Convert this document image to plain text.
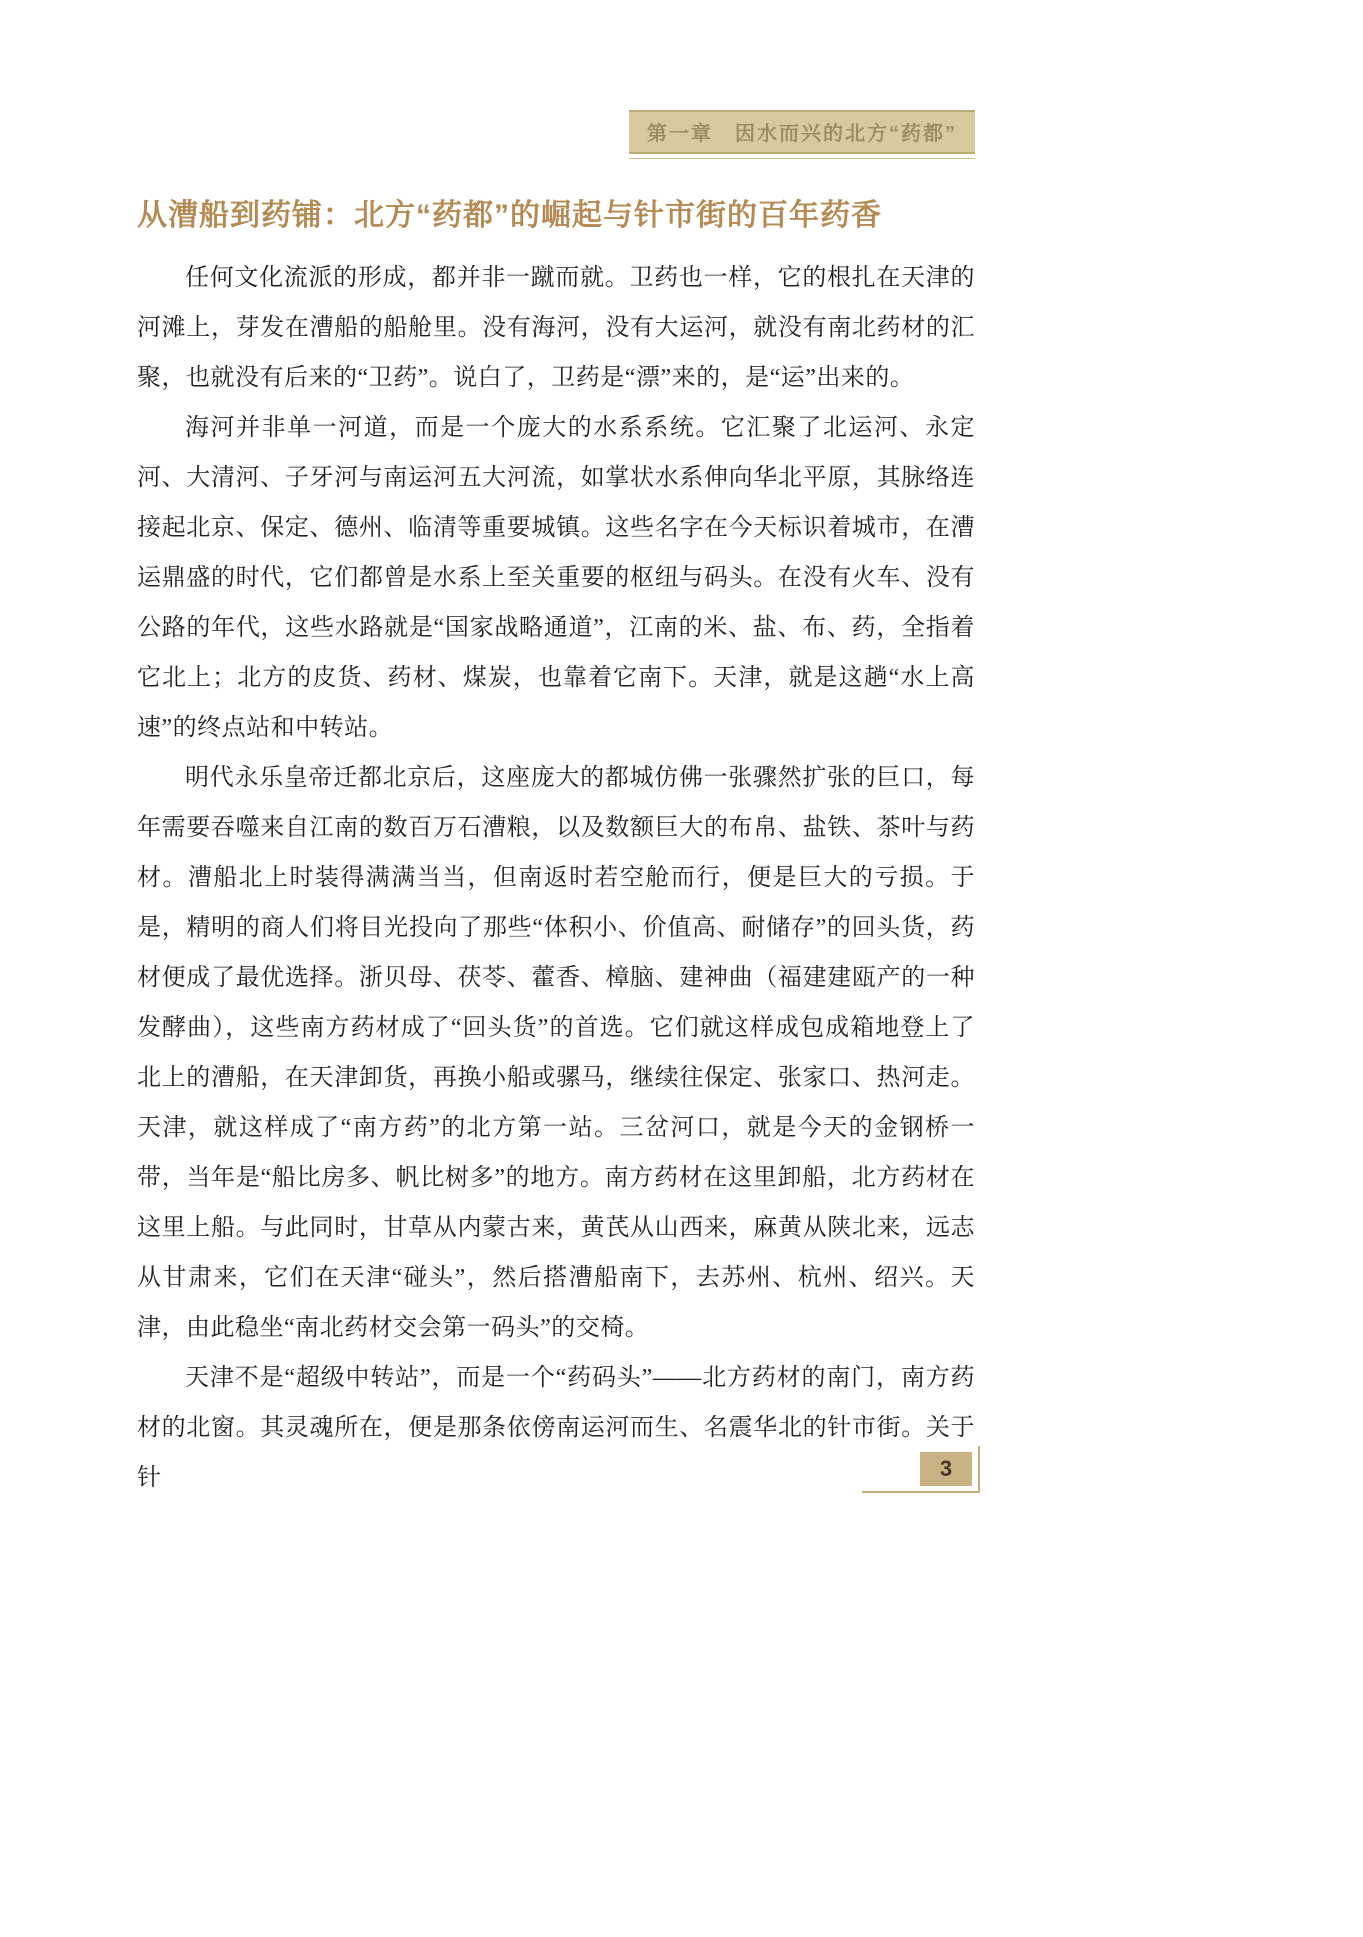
第一章　因水而兴的北方“药都”
从漕船到药铺：北方“药都”的崛起与针市街的百年药香

任何文化流派的形成，都并非一蹴而就。卫药也一样，它的根扎在天津的河滩上，芽发在漕船的船舱里。没有海河，没有大运河，就没有南北药材的汇聚，也就没有后来的“卫药”。说白了，卫药是“漂”来的，是“运”出来的。

海河并非单一河道，而是一个庞大的水系系统。它汇聚了北运河、永定河、大清河、子牙河与南运河五大河流，如掌状水系伸向华北平原，其脉络连接起北京、保定、德州、临清等重要城镇。这些名字在今天标识着城市，在漕运鼎盛的时代，它们都曾是水系上至关重要的枢纽与码头。在没有火车、没有公路的年代，这些水路就是“国家战略通道”，江南的米、盐、布、药，全指着它北上；北方的皮货、药材、煤炭，也靠着它南下。天津，就是这趟“水上高速”的终点站和中转站。

明代永乐皇帝迁都北京后，这座庞大的都城仿佛一张骤然扩张的巨口，每年需要吞噬来自江南的数百万石漕粮，以及数额巨大的布帛、盐铁、茶叶与药材。漕船北上时装得满满当当，但南返时若空舱而行，便是巨大的亏损。于是，精明的商人们将目光投向了那些“体积小、价值高、耐储存”的回头货，药材便成了最优选择。浙贝母、茯苓、藿香、樟脑、建神曲（福建建瓯产的一种发酵曲），这些南方药材成了“回头货”的首选。它们就这样成包成箱地登上了北上的漕船，在天津卸货，再换小船或骡马，继续往保定、张家口、热河走。天津，就这样成了“南方药”的北方第一站。三岔河口，就是今天的金钢桥一带，当年是“船比房多、帆比树多”的地方。南方药材在这里卸船，北方药材在这里上船。与此同时，甘草从内蒙古来，黄芪从山西来，麻黄从陕北来，远志从甘肃来，它们在天津“碰头”，然后搭漕船南下，去苏州、杭州、绍兴。天津，由此稳坐“南北药材交会第一码头”的交椅。

天津不是“超级中转站”，而是一个“药码头”——北方药材的南门，南方药材的北窗。其灵魂所在，便是那条依傍南运河而生、名震华北的针市街。关于针	3
